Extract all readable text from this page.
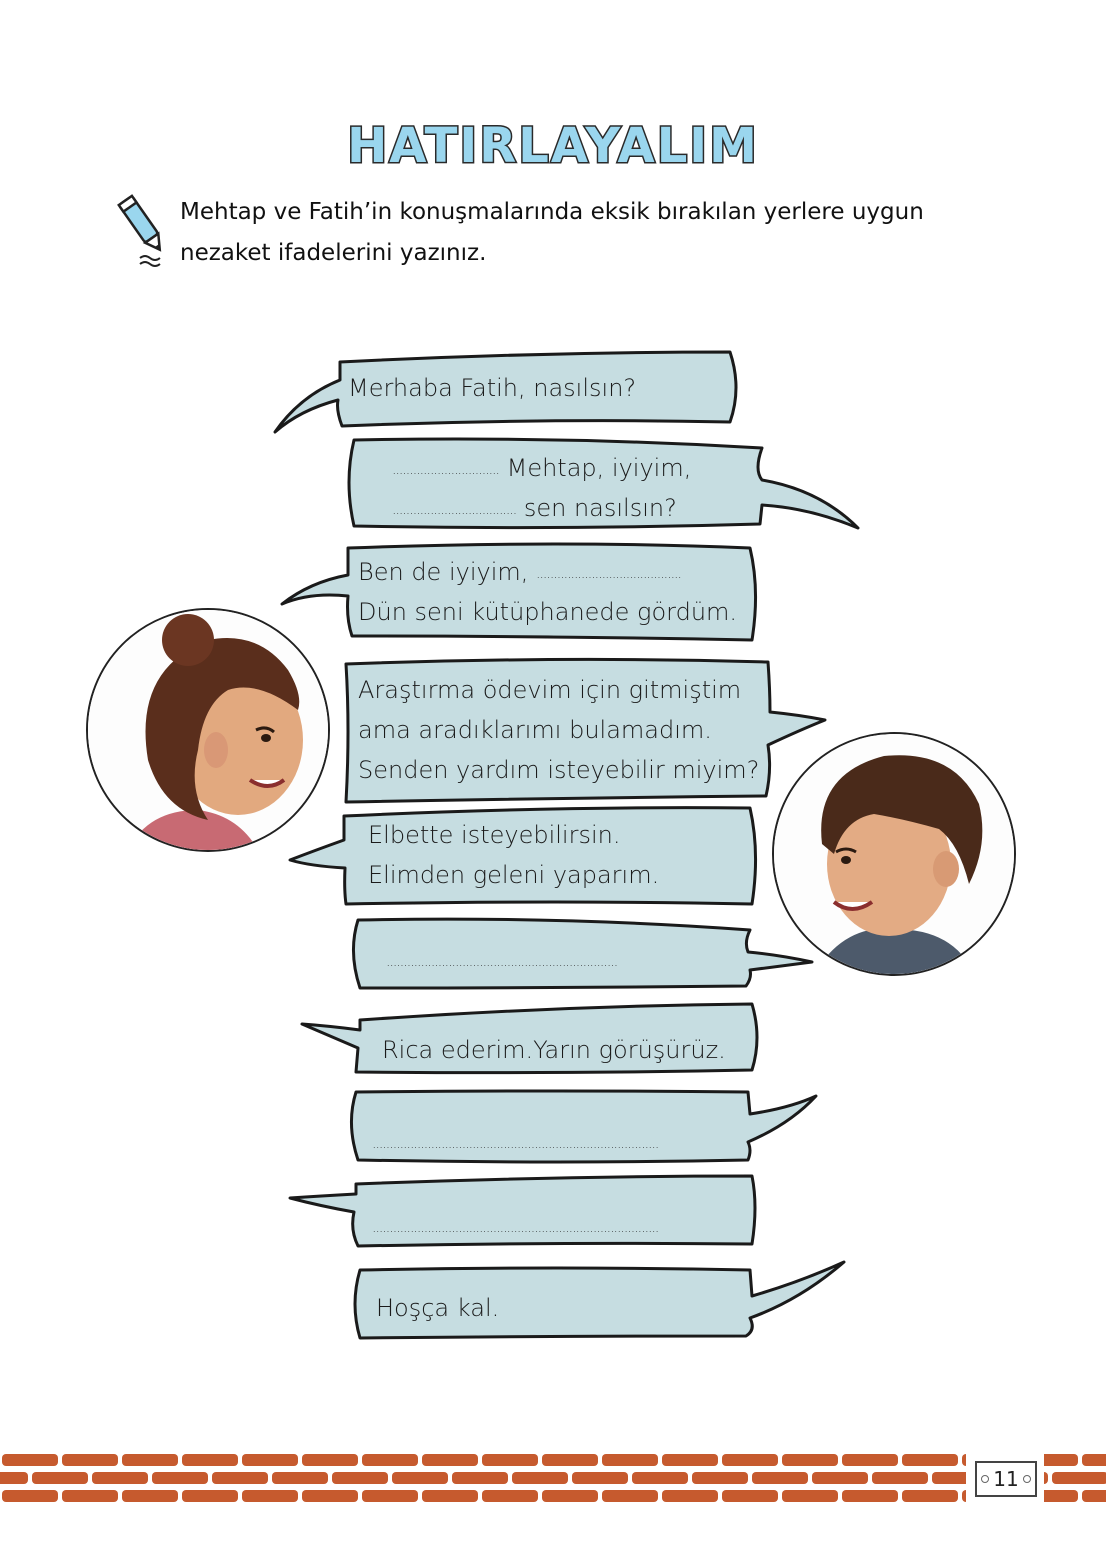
HATIRLAYALIM
Mehtap ve Fatih’in konuşmalarında eksik bırakılan yerlere uygun
nezaket ifadelerini yazınız.
Merhaba Fatih, nasılsın?
............................... Mehtap, iyiyim,
.................................... sen nasılsın?
Ben de iyiyim, ..........................................
Dün seni kütüphanede gördüm.
Araştırma ödevim için gitmiştim
ama aradıklarımı bulamadım.
Senden yardım isteyebilir miyim?
Elbette isteyebilirsin.
Elimden geleni yaparım.
...................................................................
Rica ederim.Yarın görüşürüz.
...................................................................................
...................................................................................
Hoşça kal.
11
